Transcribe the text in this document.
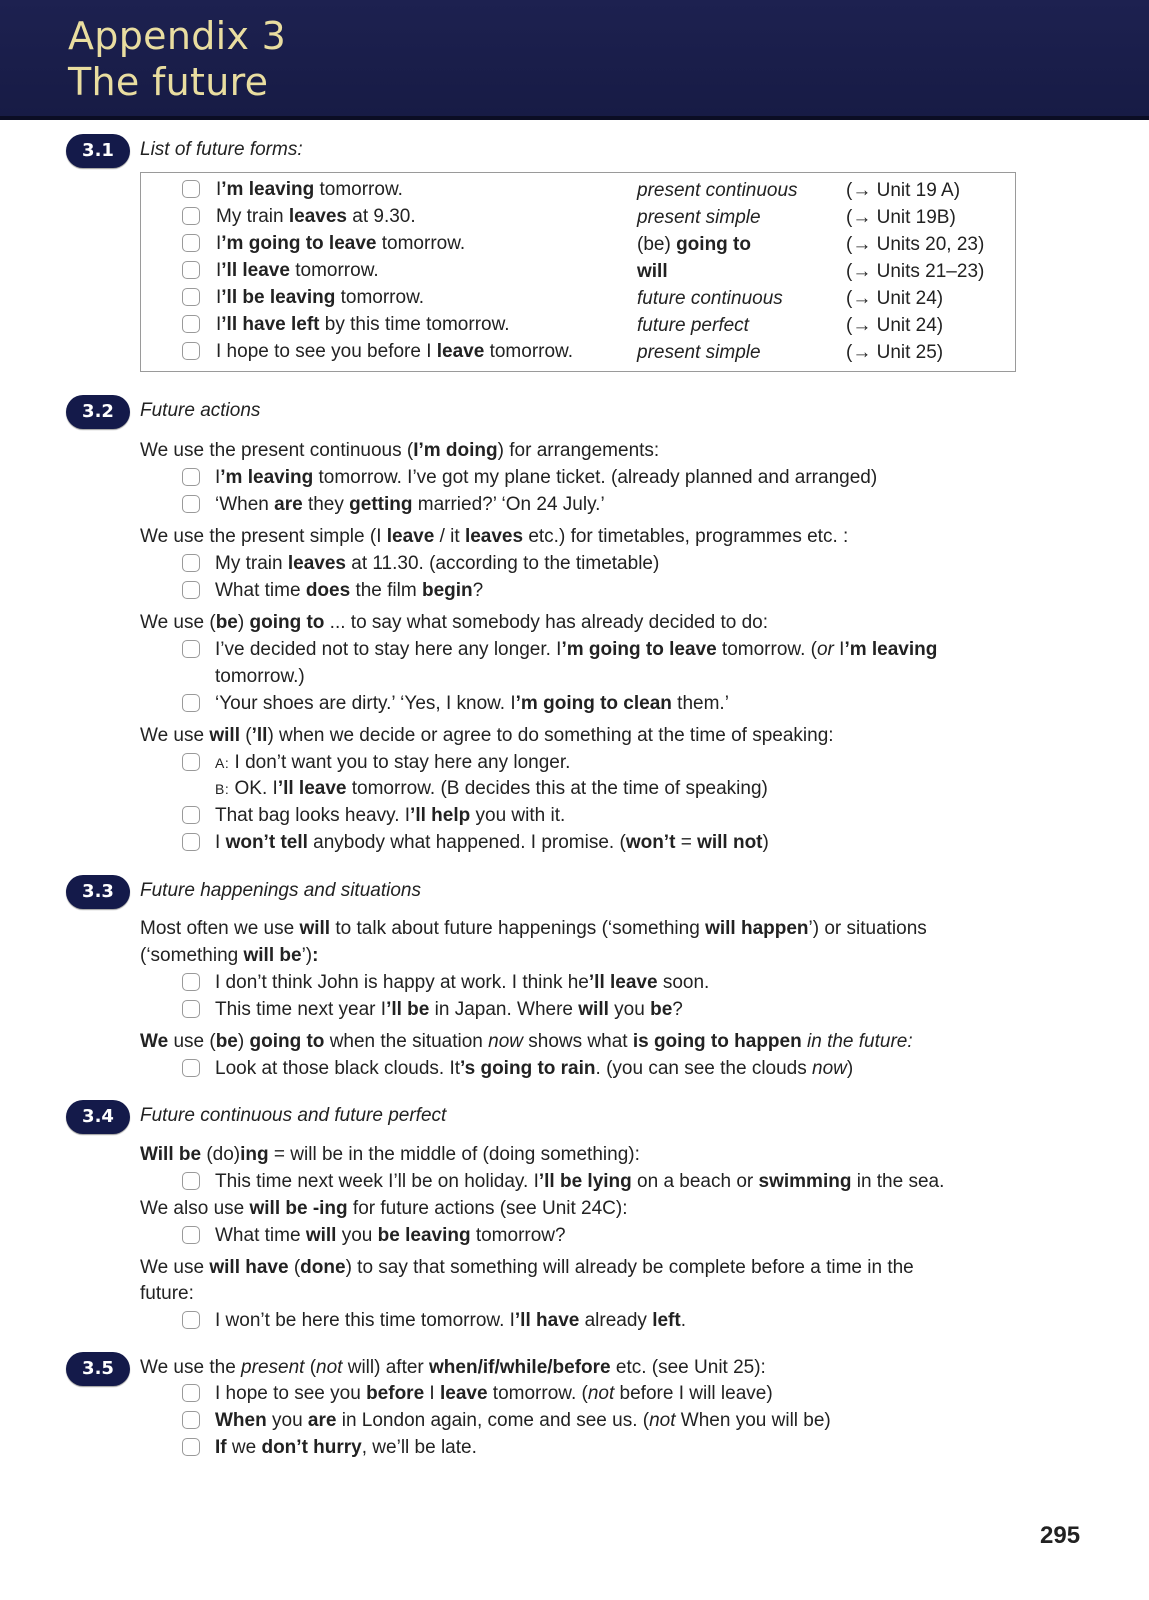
Appendix 3
The future
3.1	List of future forms:
I’m leaving tomorrow.	present continuous	(→ Unit 19 A)
My train leaves at 9.30.	present simple	(→ Unit 19B)
I’m going to leave tomorrow.	(be) going to	(→ Units 20, 23)
I’ll leave tomorrow.	will	(→ Units 21–23)
I’ll be leaving tomorrow.	future continuous	(→ Unit 24)
I’ll have left by this time tomorrow.	future perfect	(→ Unit 24)
I hope to see you before I leave tomorrow.	present simple	(→ Unit 25)
3.2	Future actions
We use the present continuous (I’m doing) for arrangements:
I’m leaving tomorrow. I’ve got my plane ticket. (already planned and arranged)
‘When are they getting married?’ ‘On 24 July.’
We use the present simple (I leave / it leaves etc.) for timetables, programmes etc. :
My train leaves at 11.30. (according to the timetable)
What time does the film begin?
We use (be) going to ... to say what somebody has already decided to do:
I’ve decided not to stay here any longer. I’m going to leave tomorrow. (or I’m leaving
tomorrow.)
‘Your shoes are dirty.’ ‘Yes, I know. I’m going to clean them.’
We use will (’ll) when we decide or agree to do something at the time of speaking:
A: I don’t want you to stay here any longer.
B: OK. I’ll leave tomorrow. (B decides this at the time of speaking)
That bag looks heavy. I’ll help you with it.
I won’t tell anybody what happened. I promise. (won’t = will not)
3.3	Future happenings and situations
Most often we use will to talk about future happenings (‘something will happen’) or situations
(‘something will be’):
I don’t think John is happy at work. I think he’ll leave soon.
This time next year I’ll be in Japan. Where will you be?
We use (be) going to when the situation now shows what is going to happen in the future:
Look at those black clouds. It’s going to rain. (you can see the clouds now)
3.4	Future continuous and future perfect
Will be (do)ing = will be in the middle of (doing something):
This time next week I’ll be on holiday. I’ll be lying on a beach or swimming in the sea.
We also use will be -ing for future actions (see Unit 24C):
What time will you be leaving tomorrow?
We use will have (done) to say that something will already be complete before a time in the
future:
I won’t be here this time tomorrow. I’ll have already left.
3.5	We use the present (not will) after when/if/while/before etc. (see Unit 25):
I hope to see you before I leave tomorrow. (not before I will leave)
When you are in London again, come and see us. (not When you will be)
If we don’t hurry, we’ll be late.
295
